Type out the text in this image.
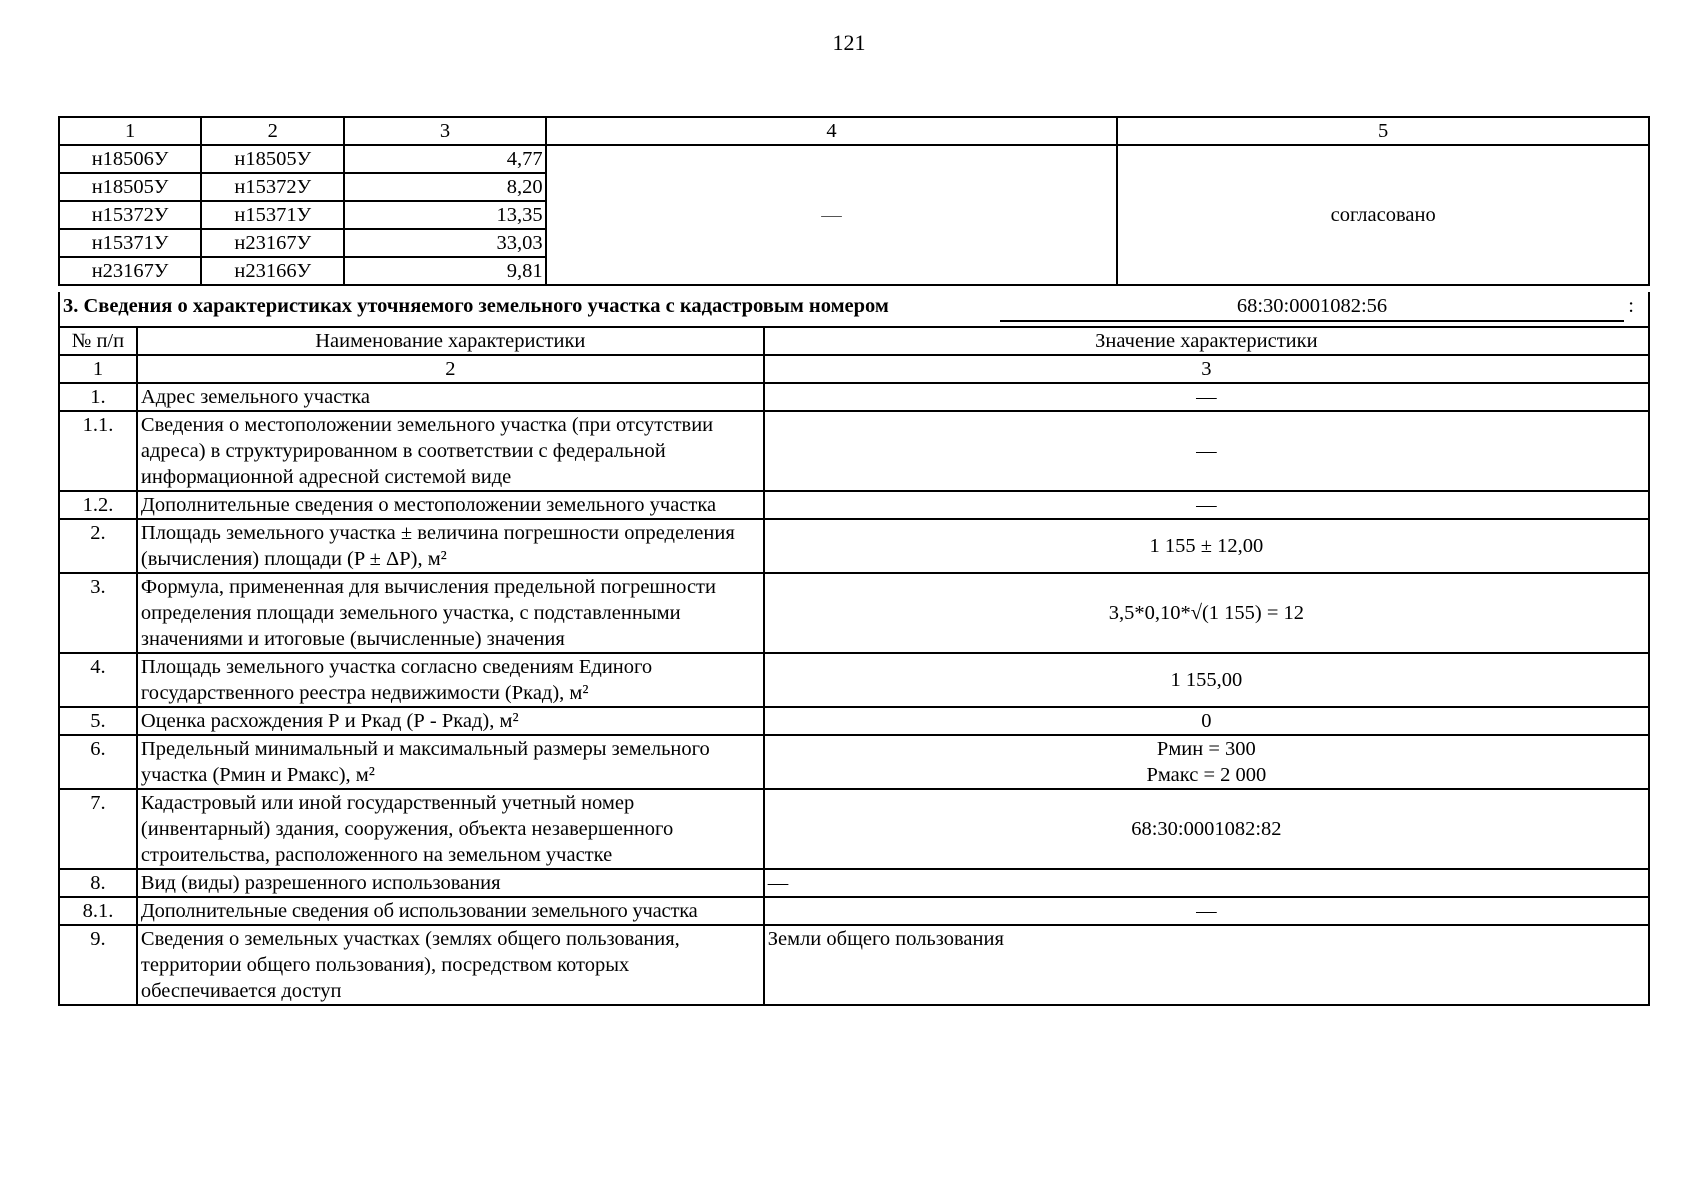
121
1	2	3	4	5
н18506У	н18505У	4,77	—	согласовано
н18505У	н15372У	8,20		
н15372У	н15371У	13,35		
н15371У	н23167У	33,03		
н23167У	н23166У	9,81		
3. Сведения о характеристиках уточняемого земельного участка с кадастровым номером	68:30:0001082:56	:
№ п/п	Наименование характеристики	Значение характеристики
1	2	3
1.	Адрес земельного участка	—
1.1.	Сведения о местоположении земельного участка (при отсутствии адреса) в структурированном в соответствии с федеральной информационной адресной системой виде	—
1.2.	Дополнительные сведения о местоположении земельного участка	—
2.	Площадь земельного участка ± величина погрешности определения (вычисления) площади (P ± ΔP), м²	1 155 ± 12,00
3.	Формула, примененная для вычисления предельной погрешности определения площади земельного участка, с подставленными значениями и итоговые (вычисленные) значения	3,5*0,10*√(1 155) = 12
4.	Площадь земельного участка согласно сведениям Единого государственного реестра недвижимости (Ркад), м²	1 155,00
5.	Оценка расхождения Р и Ркад (Р - Ркад), м²	0
6.	Предельный минимальный и максимальный размеры земельного участка (Рмин и Рмакс), м²	Рмин = 300
Рмакс = 2 000

7.	Кадастровый или иной государственный учетный номер (инвентарный) здания, сооружения, объекта незавершенного строительства, расположенного на земельном участке	68:30:0001082:82
8.	Вид (виды) разрешенного использования	—
8.1.	Дополнительные сведения об использовании земельного участка	—
9.	Сведения о земельных участках (землях общего пользования, территории общего пользования), посредством которых обеспечивается доступ	Земли общего пользования
